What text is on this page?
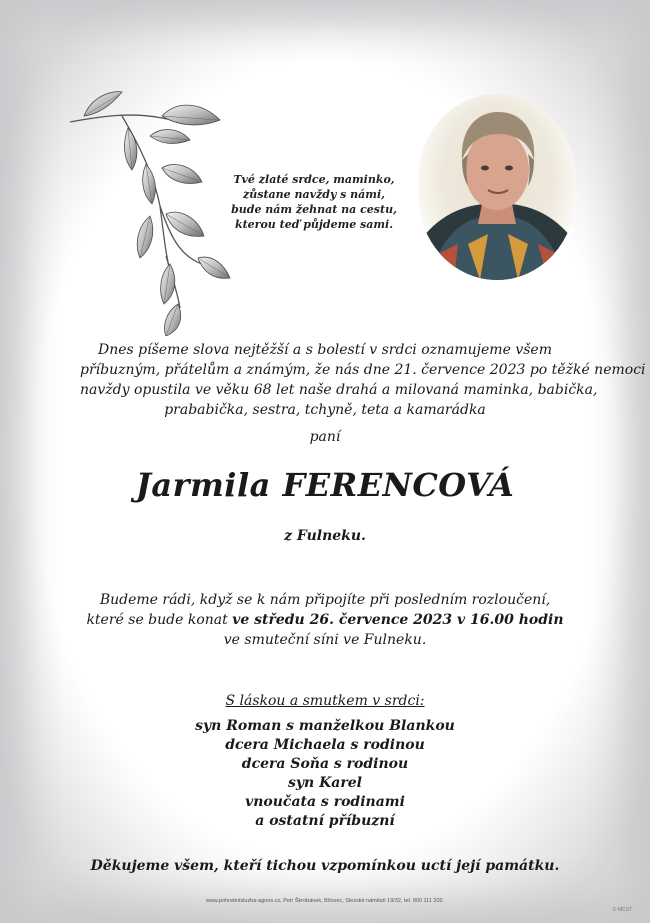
Tvé zlaté srdce, maminko,
zůstane navždy s námi,
bude nám žehnat na cestu,
kterou teď půjdeme sami.
Dnes píšeme slova nejtěžší a s bolestí v srdci oznamujeme všem
příbuzným, přátelům a známým, že nás dne 21. července 2023 po těžké nemoci
navždy opustila ve věku 68 let naše drahá a milovaná maminka, babička,
prababička, sestra, tchyně, teta a kamarádka
paní
Jarmila FERENCOVÁ
z Fulneku.
Budeme rádi, když se k nám připojíte při posledním rozloučení,
které se bude konat ve středu 26. července 2023 v 16.00 hodin
ve smuteční síni ve Fulneku.
S láskou a smutkem v srdci:
syn Roman s manželkou Blankou
dcera Michaela s rodinou
dcera Soňa s rodinou
syn Karel
vnoučata s rodinami
a ostatní příbuzní
Děkujeme všem, kteří tichou vzpomínkou uctí její památku.
www.pohrebnisluzba-agnes.cz, Petr Škrobánek, Bílovec, Slezské náměstí 19/32, tel. 800 111 202.
© MCST
